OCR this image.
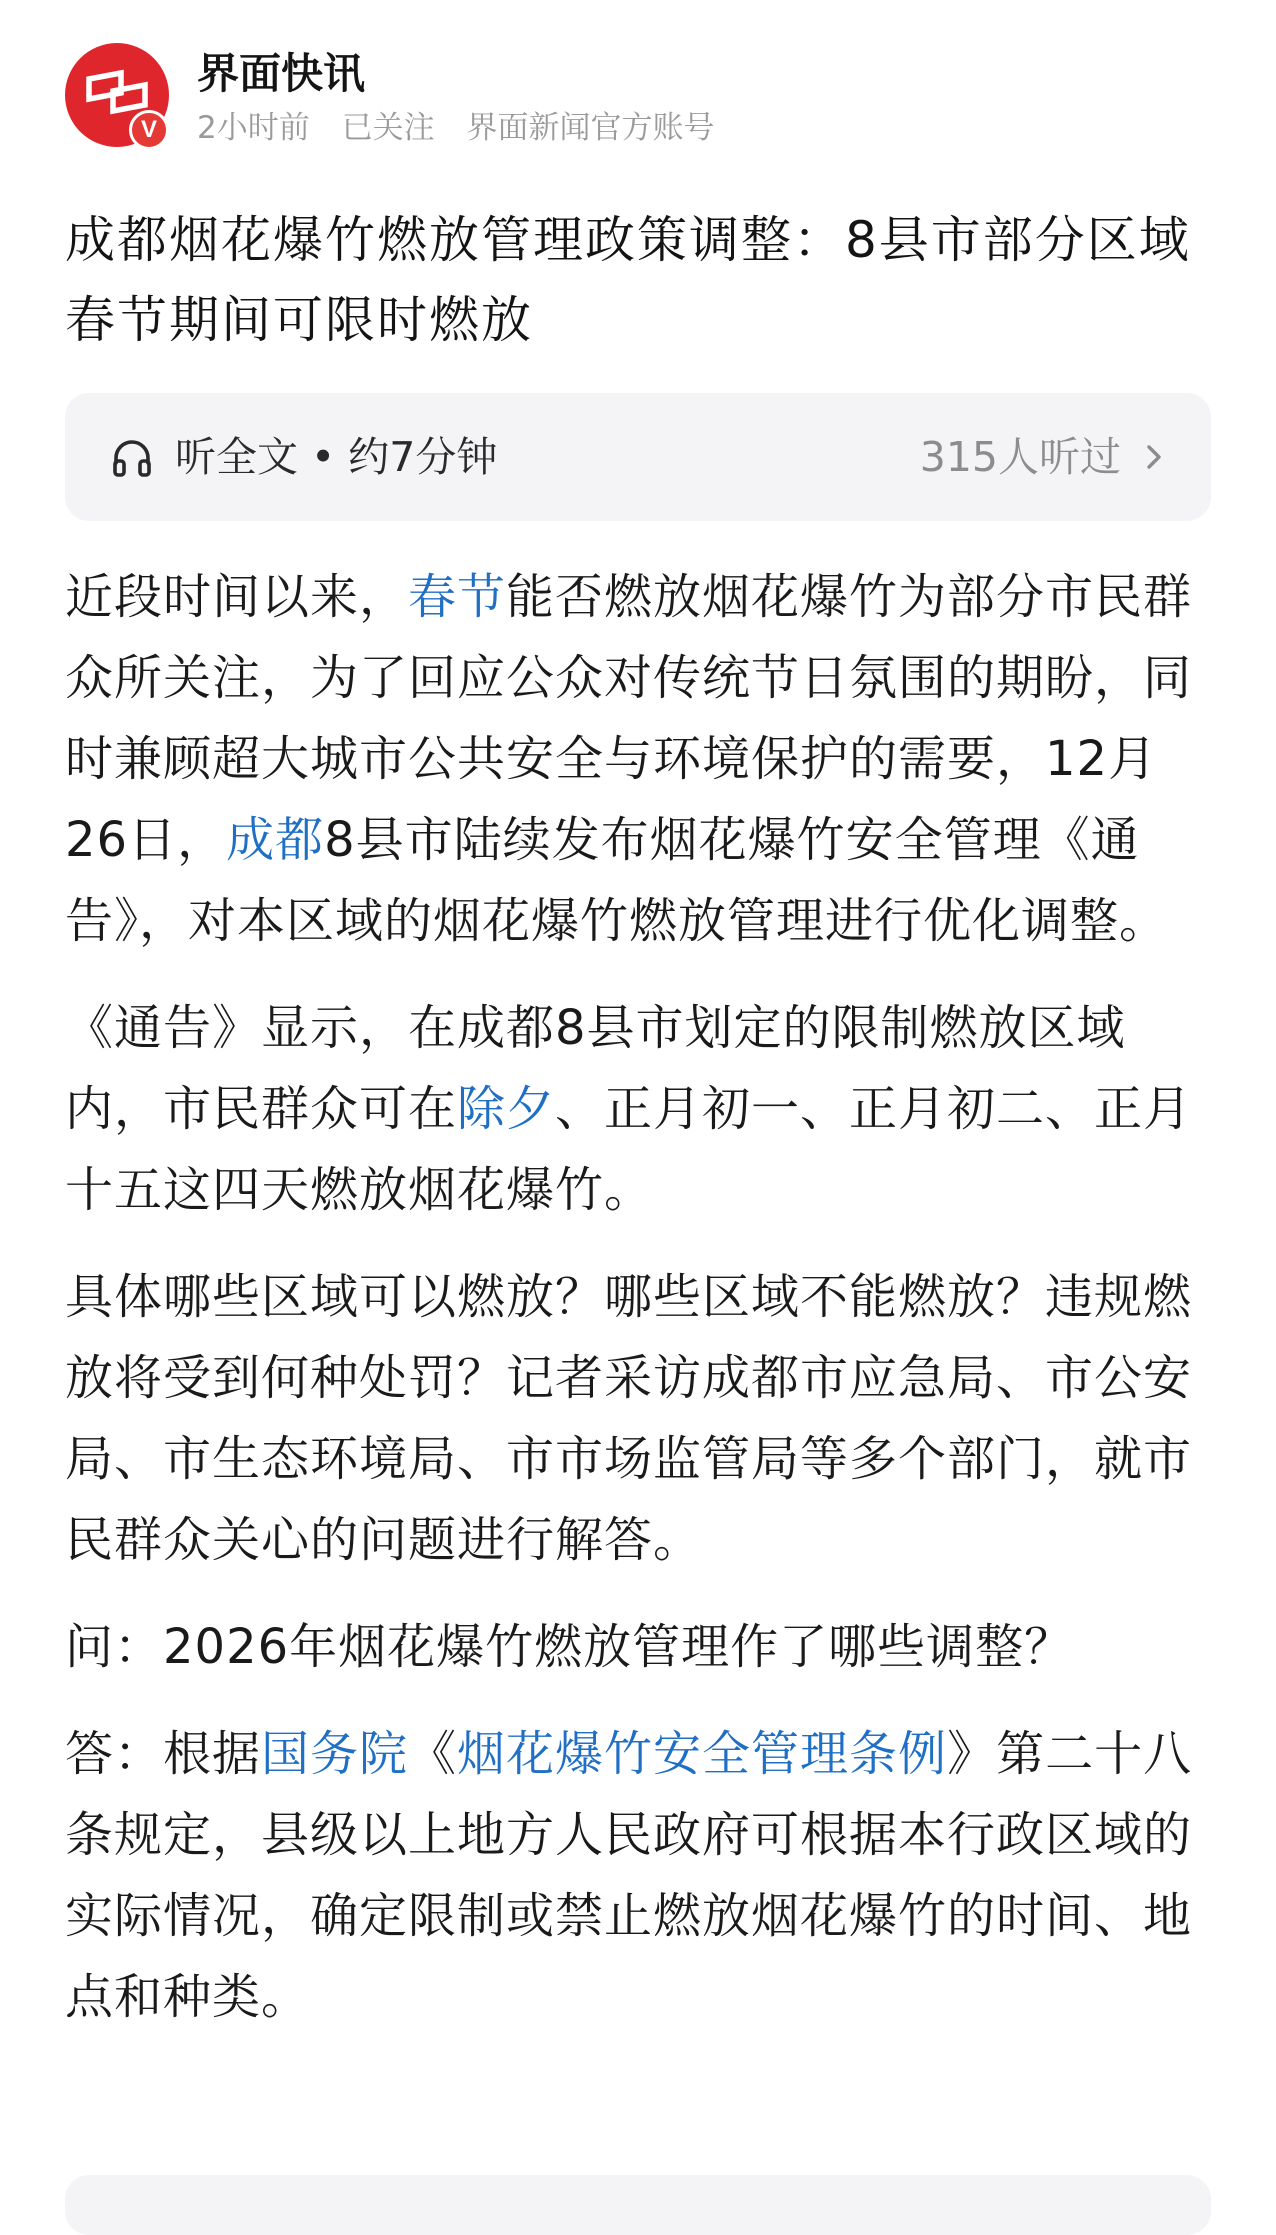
V
界面快讯
2小时前 已关注 界面新闻官方账号
成都烟花爆竹燃放管理政策调整：8县市部分区域春节期间可限时燃放
听全文 • 约7分钟	315人听过

近段时间以来，春节能否燃放烟花爆竹为部分市民群众所关注，为了回应公众对传统节日氛围的期盼，同时兼顾超大城市公共安全与环境保护的需要，12月26日，成都8县市陆续发布烟花爆竹安全管理《通告》，对本区域的烟花爆竹燃放管理进行优化调整。

《通告》显示，在成都8县市划定的限制燃放区域内，市民群众可在除夕、正月初一、正月初二、正月十五这四天燃放烟花爆竹。

具体哪些区域可以燃放？哪些区域不能燃放？违规燃放将受到何种处罚？记者采访成都市应急局、市公安局、市生态环境局、市市场监管局等多个部门，就市民群众关心的问题进行解答。

问：2026年烟花爆竹燃放管理作了哪些调整？

答：根据国务院《烟花爆竹安全管理条例》第二十八条规定，县级以上地方人民政府可根据本行政区域的实际情况，确定限制或禁止燃放烟花爆竹的时间、地点和种类。
